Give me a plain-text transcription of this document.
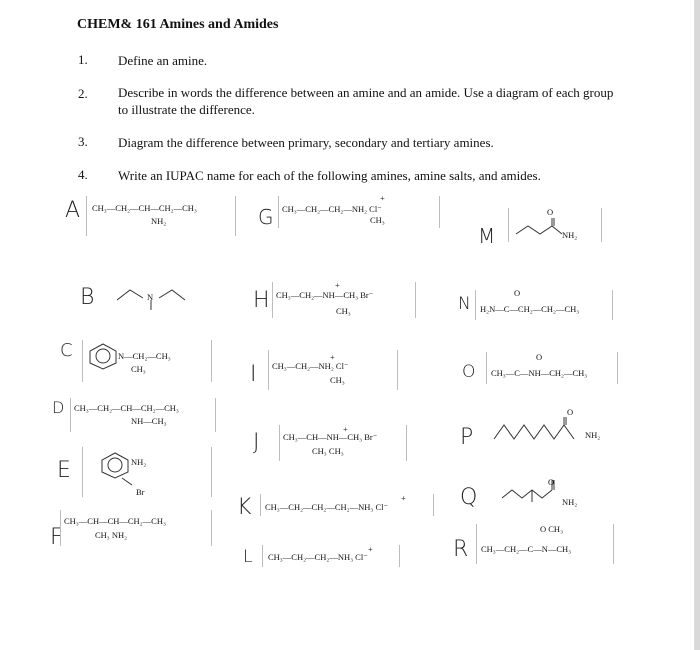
CHEM& 161 Amines and Amides
1. Define an amine.
2. Describe in words the difference between an amine and an amide. Use a diagram of each group to illustrate the difference.
3. Diagram the difference between primary, secondary and tertiary amines.
4. Write an IUPAC name for each of the following amines, amine salts, and amides.
A
B
C
D
E
F
G
H
I
J
K
L
M
N
O
P
Q
R
CH₃—CH₂—CH—CH₂—CH₃
NH₂
N
N—CH₂—CH₃
CH₃
CH₃—CH₂—CH—CH₂—CH₃
NH—CH₃
NH₂
Br
CH₃—CH—CH—CH₂—CH₃
CH₃ NH₂
+
CH₃—CH₂—CH₂—NH₂ Cl⁻
CH₃
+
CH₃—CH₂—NH—CH₃ Br⁻
CH₃
+
CH₃—CH₂—NH₂ Cl⁻
CH₃
+
CH₃—CH—NH—CH₃ Br⁻
CH₃ CH₃
+
CH₃—CH₂—CH₂—CH₂—NH₃ Cl⁻
+
CH₃—CH₂—CH₂—NH₃ Cl⁻
O
NH₂
O
H₂N—C—CH₂—CH₂—CH₃
O
CH₃—C—NH—CH₂—CH₃
O
NH₂
O
NH₂
O CH₃
CH₃—CH₂—C—N—CH₃
